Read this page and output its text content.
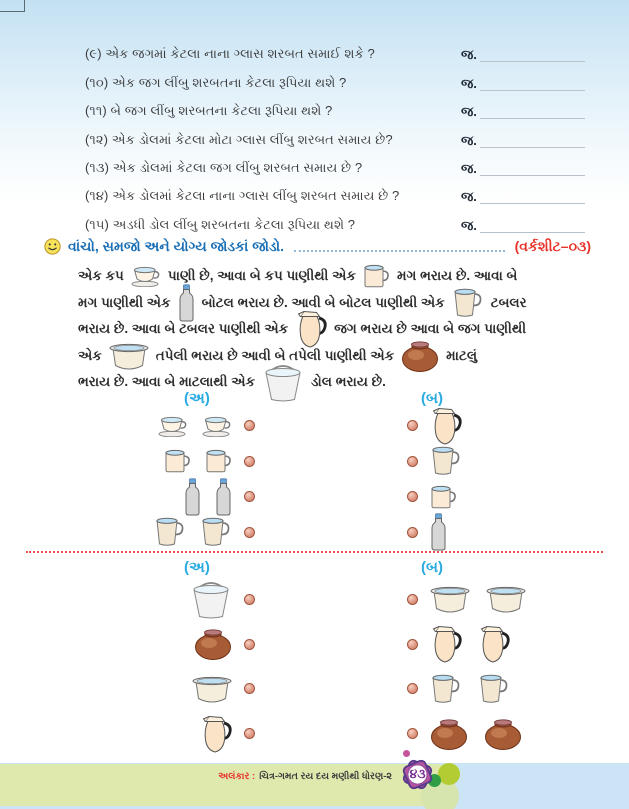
(૯) એક જગમાં કેટલા નાના ગ્લાસ શરબત સમાઈ શકે ?	જ.
(૧૦) એક જગ લીંબુ શરબતના કેટલા રૂપિયા થશે ?	જ.
(૧૧) બે જગ લીંબુ શરબતના કેટલા રૂપિયા થશે ?	જ.
(૧૨) એક ડોલમાં કેટલા મોટા ગ્લાસ લીંબુ શરબત સમાય છે?	જ.
(૧૩) એક ડોલમાં કેટલા જગ લીંબુ શરબત સમાય છે ?	જ.
(૧૪) એક ડોલમાં કેટલા નાના ગ્લાસ લીંબુ શરબત સમાય છે ?	જ.
(૧૫) અડધી ડોલ લીંબુ શરબતના કેટલા રૂપિયા થશે ?	જ.
વાંચો, સમજો અને યોગ્ય જોડકાં જોડો.	(વર્કશીટ–૦૩)
એક કપ	પાણી છે, આવા બે કપ પાણીથી એક	મગ ભરાય છે. આવા બે
મગ પાણીથી એક બોટલ ભરાય છે. આવી બે બોટલ પાણીથી એક	ટબલર
ભરાય છે. આવા બે ટબલર પાણીથી એક	જગ ભરાય છે આવા બે જગ પાણીથી
એક	તપેલી ભરાય છે આવી બે તપેલી પાણીથી એક	માટલું
ભરાય છે. આવા બે માટલાથી એક	ડોલ ભરાય છે.
(અ)	(બ)
(અ)	(બ)
અલંકાર : ચિત્ર-ગમત રય દય મણીથી ધોરણ-૨	૪૩
